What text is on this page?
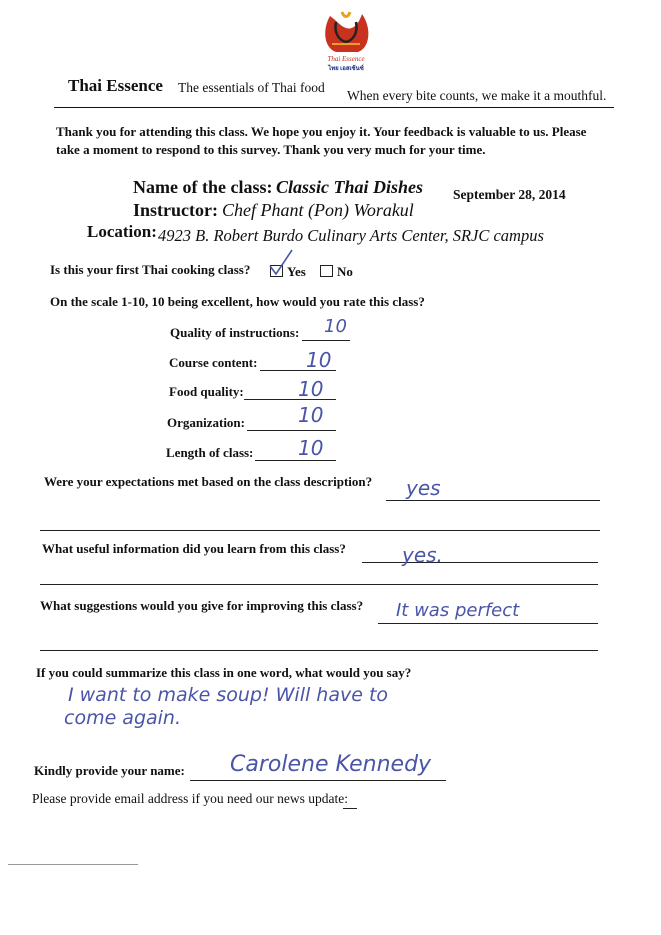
Thai Essence
ไทย เอสเซ้นซ์
Thai Essence The essentials of Thai food
When every bite counts, we make it a mouthful.
Thank you for attending this class. We hope you enjoy it. Your feedback is valuable to us. Please
take a moment to respond to this survey. Thank you very much for your time.
Name of the class: Classic Thai Dishes September 28, 2014
Instructor: Chef Phant (Pon) Worakul
Location: 4923 B. Robert Burdo Culinary Arts Center, SRJC campus
Is this your first Thai cooking class?	Yes	No
On the scale 1-10, 10 being excellent, how would you rate this class?
Quality of instructions: 10
Course content: 10
Food quality:	10
Organization:	10
Length of class: 10
Were your expectations met based on the class description? yes
What useful information did you learn from this class?	yes.
What suggestions would you give for improving this class? It was perfect
If you could summarize this class in one word, what would you say?
I want to make soup! Will have to
come again.
Kindly provide your name: Carolene Kennedy
Please provide email address if you need our news update:
